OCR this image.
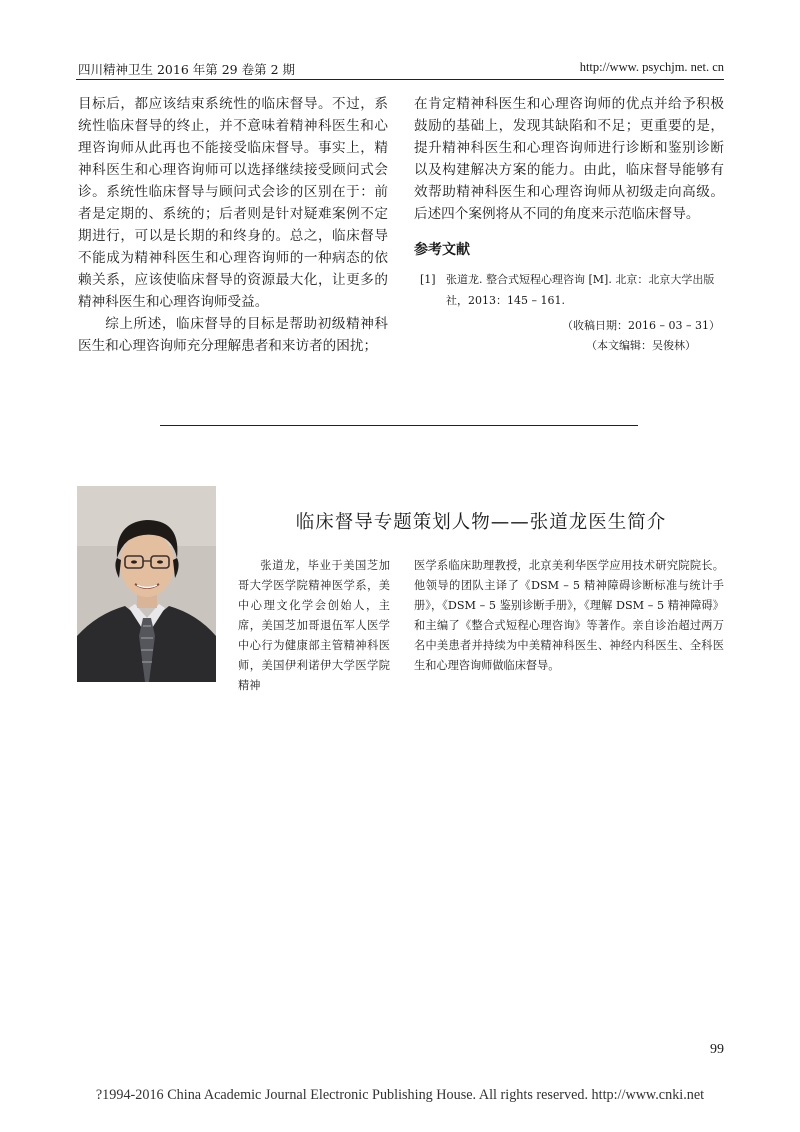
四川精神卫生 2016 年第 29 卷第 2 期	http://www. psychjm. net. cn

目标后，都应该结束系统性的临床督导。不过，系统性临床督导的终止，并不意味着精神科医生和心理咨询师从此再也不能接受临床督导。事实上，精神科医生和心理咨询师可以选择继续接受顾问式会诊。系统性临床督导与顾问式会诊的区别在于：前者是定期的、系统的；后者则是针对疑难案例不定期进行，可以是长期的和终身的。总之，临床督导不能成为精神科医生和心理咨询师的一种病态的依赖关系，应该使临床督导的资源最大化，让更多的精神科医生和心理咨询师受益。

综上所述，临床督导的目标是帮助初级精神科医生和心理咨询师充分理解患者和来访者的困扰；

在肯定精神科医生和心理咨询师的优点并给予积极鼓励的基础上，发现其缺陷和不足；更重要的是，提升精神科医生和心理咨询师进行诊断和鉴别诊断以及构建解决方案的能力。由此，临床督导能够有效帮助精神科医生和心理咨询师从初级走向高级。后述四个案例将从不同的角度来示范临床督导。

参考文献
[1] 张道龙. 整合式短程心理咨询 [M]. 北京：北京大学出版社，2013：145 – 161.
（收稿日期：2016 – 03 – 31）
（本文编辑：吴俊林）
临床督导专题策划人物——张道龙医生简介

张道龙，毕业于美国芝加哥大学医学院精神医学系，美中心理文化学会创始人，主席，美国芝加哥退伍军人医学中心行为健康部主管精神科医师，美国伊利诺伊大学医学院精神

医学系临床助理教授，北京美利华医学应用技术研究院院长。他领导的团队主译了《DSM – 5 精神障碍诊断标准与统计手册》，《DSM – 5 鉴别诊断手册》，《理解 DSM – 5 精神障碍》和主编了《整合式短程心理咨询》等著作。亲自诊治超过两万名中美患者并持续为中美精神科医生、神经内科医生、全科医生和心理咨询师做临床督导。

99
?1994-2016 China Academic Journal Electronic Publishing House. All rights reserved. http://www.cnki.net
